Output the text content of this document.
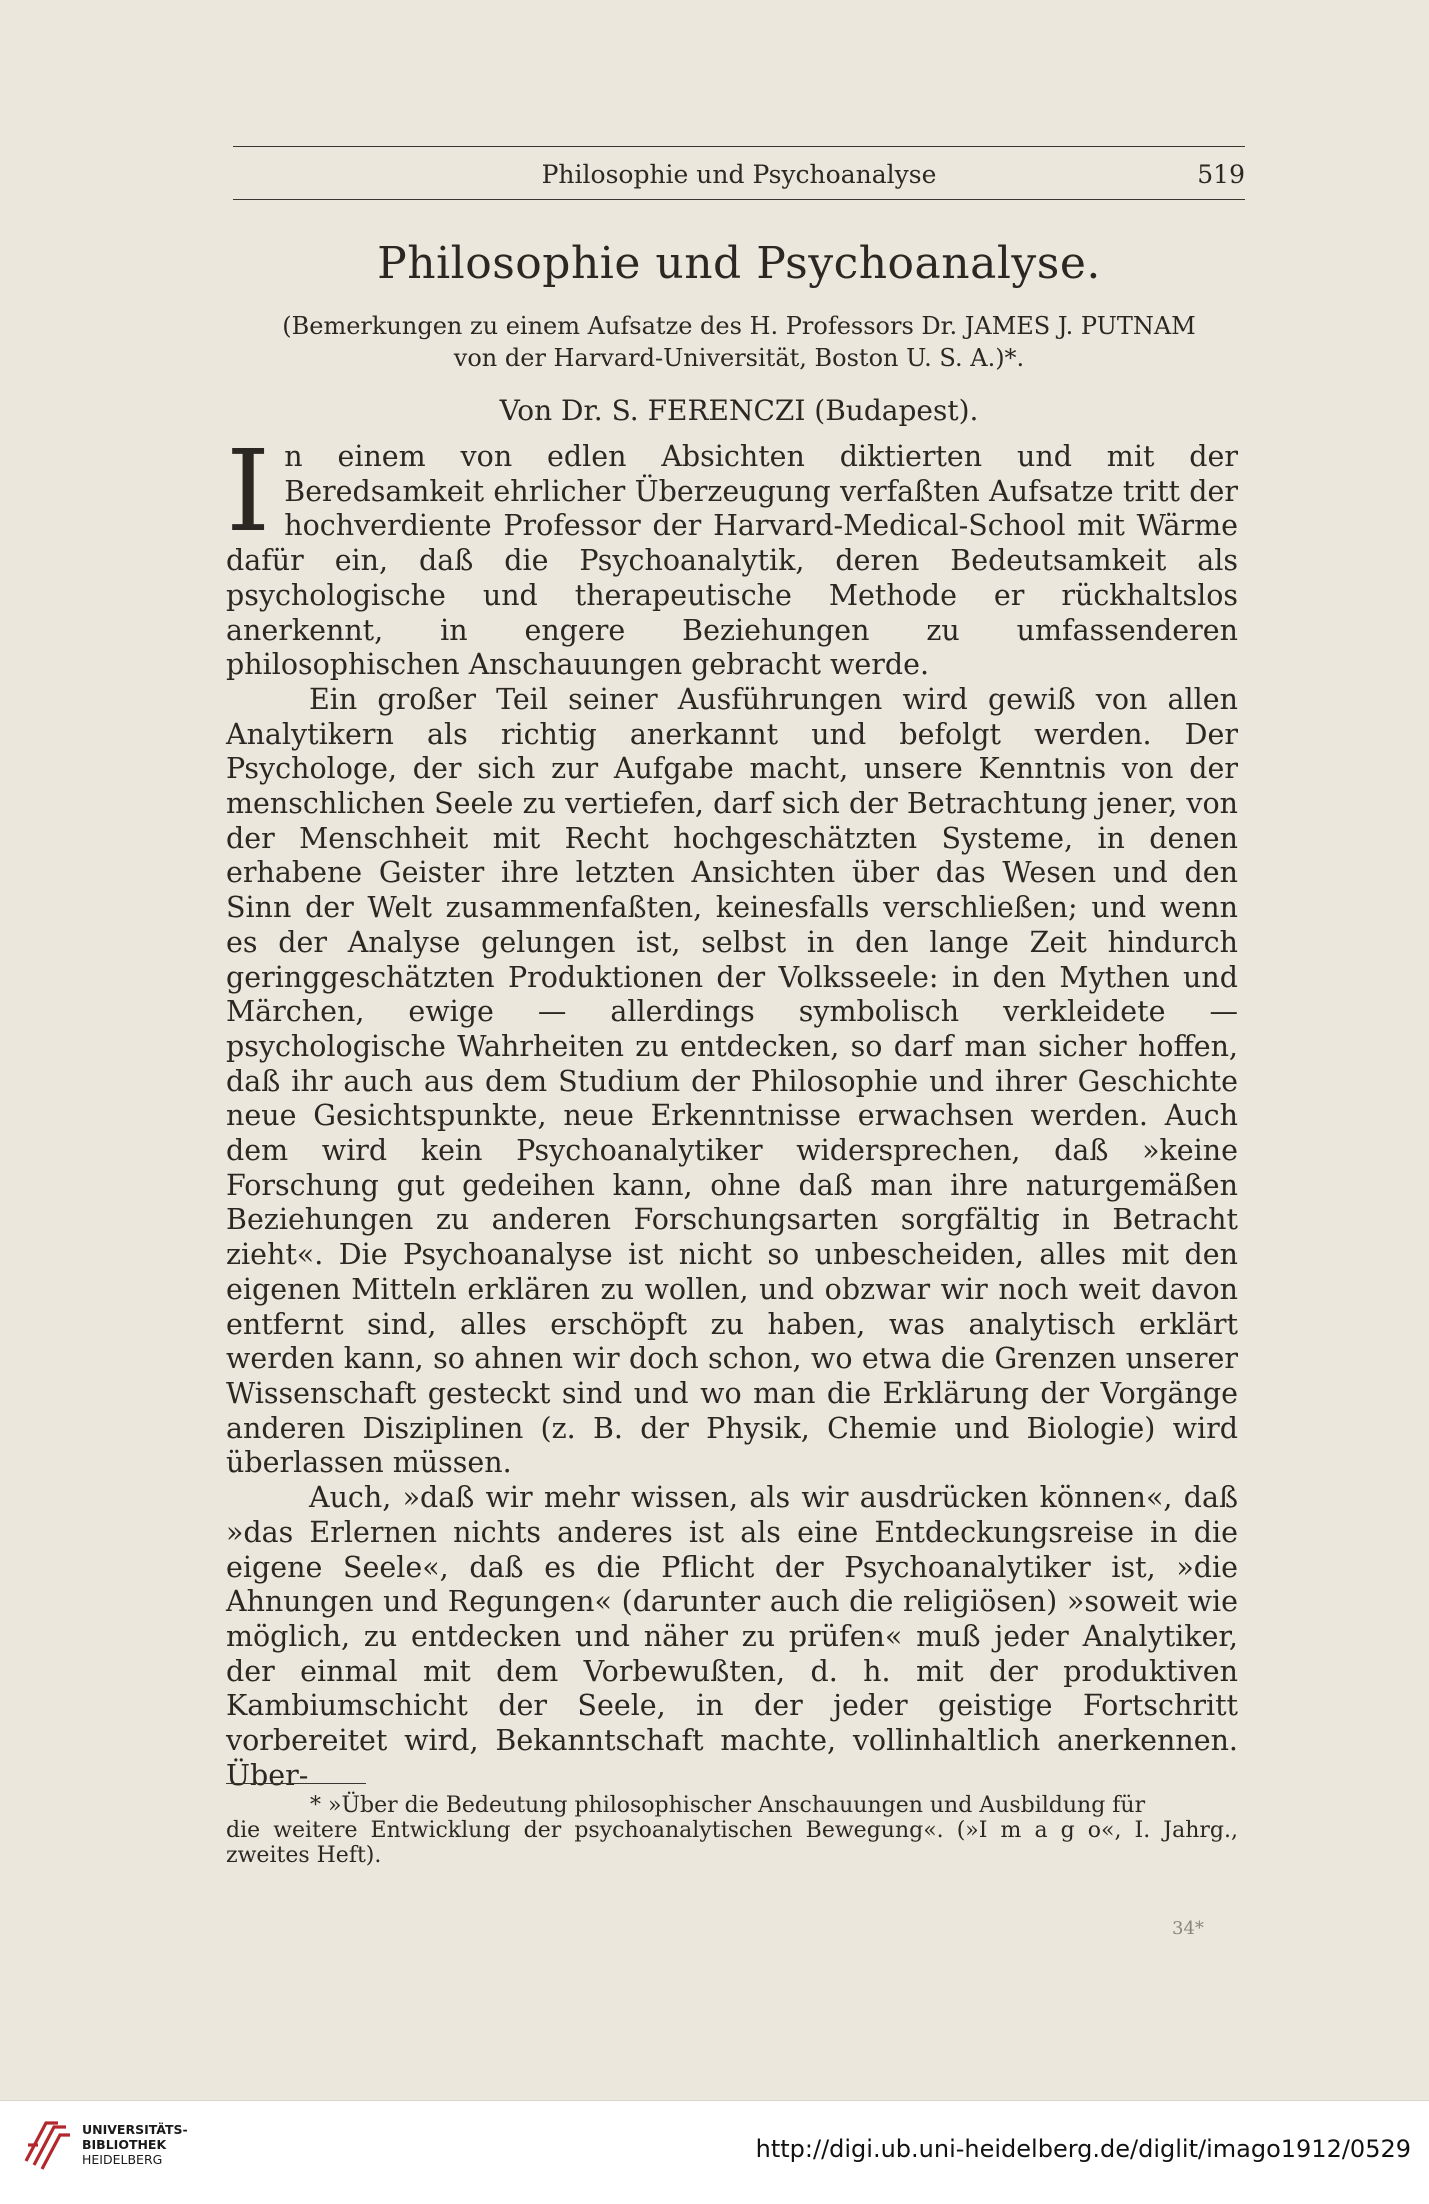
Philosophie und Psychoanalyse	519
Philosophie und Psychoanalyse.
(Bemerkungen zu einem Aufsatze des H. Professors Dr. JAMES J. PUTNAM
von der Harvard-Universität, Boston U. S. A.)*.
Von Dr. S. FERENCZI (Budapest).

I n einem von edlen Absichten diktierten und mit der Beredsamkeit ehrlicher Überzeugung verfaßten Aufsatze tritt der hochverdiente Professor der Harvard-Medical-School mit Wärme dafür ein, daß die Psychoanalytik, deren Bedeutsamkeit als psychologische und therapeutische Methode er rückhaltslos anerkennt, in engere Beziehungen zu umfassenderen philosophischen Anschauungen gebracht werde.

Ein großer Teil seiner Ausführungen wird gewiß von allen Analytikern als richtig anerkannt und befolgt werden. Der Psychologe, der sich zur Aufgabe macht, unsere Kenntnis von der menschlichen Seele zu vertiefen, darf sich der Betrachtung jener, von der Menschheit mit Recht hochgeschätzten Systeme, in denen erhabene Geister ihre letzten Ansichten über das Wesen und den Sinn der Welt zusammenfaßten, keinesfalls verschließen; und wenn es der Analyse gelungen ist, selbst in den lange Zeit hindurch geringgeschätzten Produktionen der Volksseele: in den Mythen und Märchen, ewige — allerdings symbolisch verkleidete — psychologische Wahrheiten zu entdecken, so darf man sicher hoffen, daß ihr auch aus dem Studium der Philosophie und ihrer Geschichte neue Gesichtspunkte, neue Erkenntnisse erwachsen werden. Auch dem wird kein Psychoanalytiker widersprechen, daß »keine Forschung gut gedeihen kann, ohne daß man ihre naturgemäßen Beziehungen zu anderen Forschungsarten sorgfältig in Betracht zieht«. Die Psychoanalyse ist nicht so unbescheiden, alles mit den eigenen Mitteln erklären zu wollen, und obzwar wir noch weit davon entfernt sind, alles erschöpft zu haben, was analytisch erklärt werden kann, so ahnen wir doch schon, wo etwa die Grenzen unserer Wissenschaft gesteckt sind und wo man die Erklärung der Vorgänge anderen Disziplinen (z. B. der Physik, Chemie und Biologie) wird überlassen müssen.

Auch, »daß wir mehr wissen, als wir ausdrücken können«, daß »das Erlernen nichts anderes ist als eine Entdeckungsreise in die eigene Seele«, daß es die Pflicht der Psychoanalytiker ist, »die Ahnungen und Regungen« (darunter auch die religiösen) »soweit wie möglich, zu entdecken und näher zu prüfen« muß jeder Analytiker, der einmal mit dem Vorbewußten, d. h. mit der produktiven Kambiumschicht der Seele, in der jeder geistige Fortschritt vorbereitet wird, Bekanntschaft machte, vollinhaltlich anerkennen. Über-

* »Über die Bedeutung philosophischer Anschauungen und Ausbildung für
die weitere Entwicklung der psychoanalytischen Bewegung«. (»I m a g o«, I. Jahrg., zweites Heft).
34*
UNIVERSITÄTS-
BIBLIOTHEK
HEIDELBERG	http://digi.ub.uni-heidelberg.de/diglit/imago1912/0529
